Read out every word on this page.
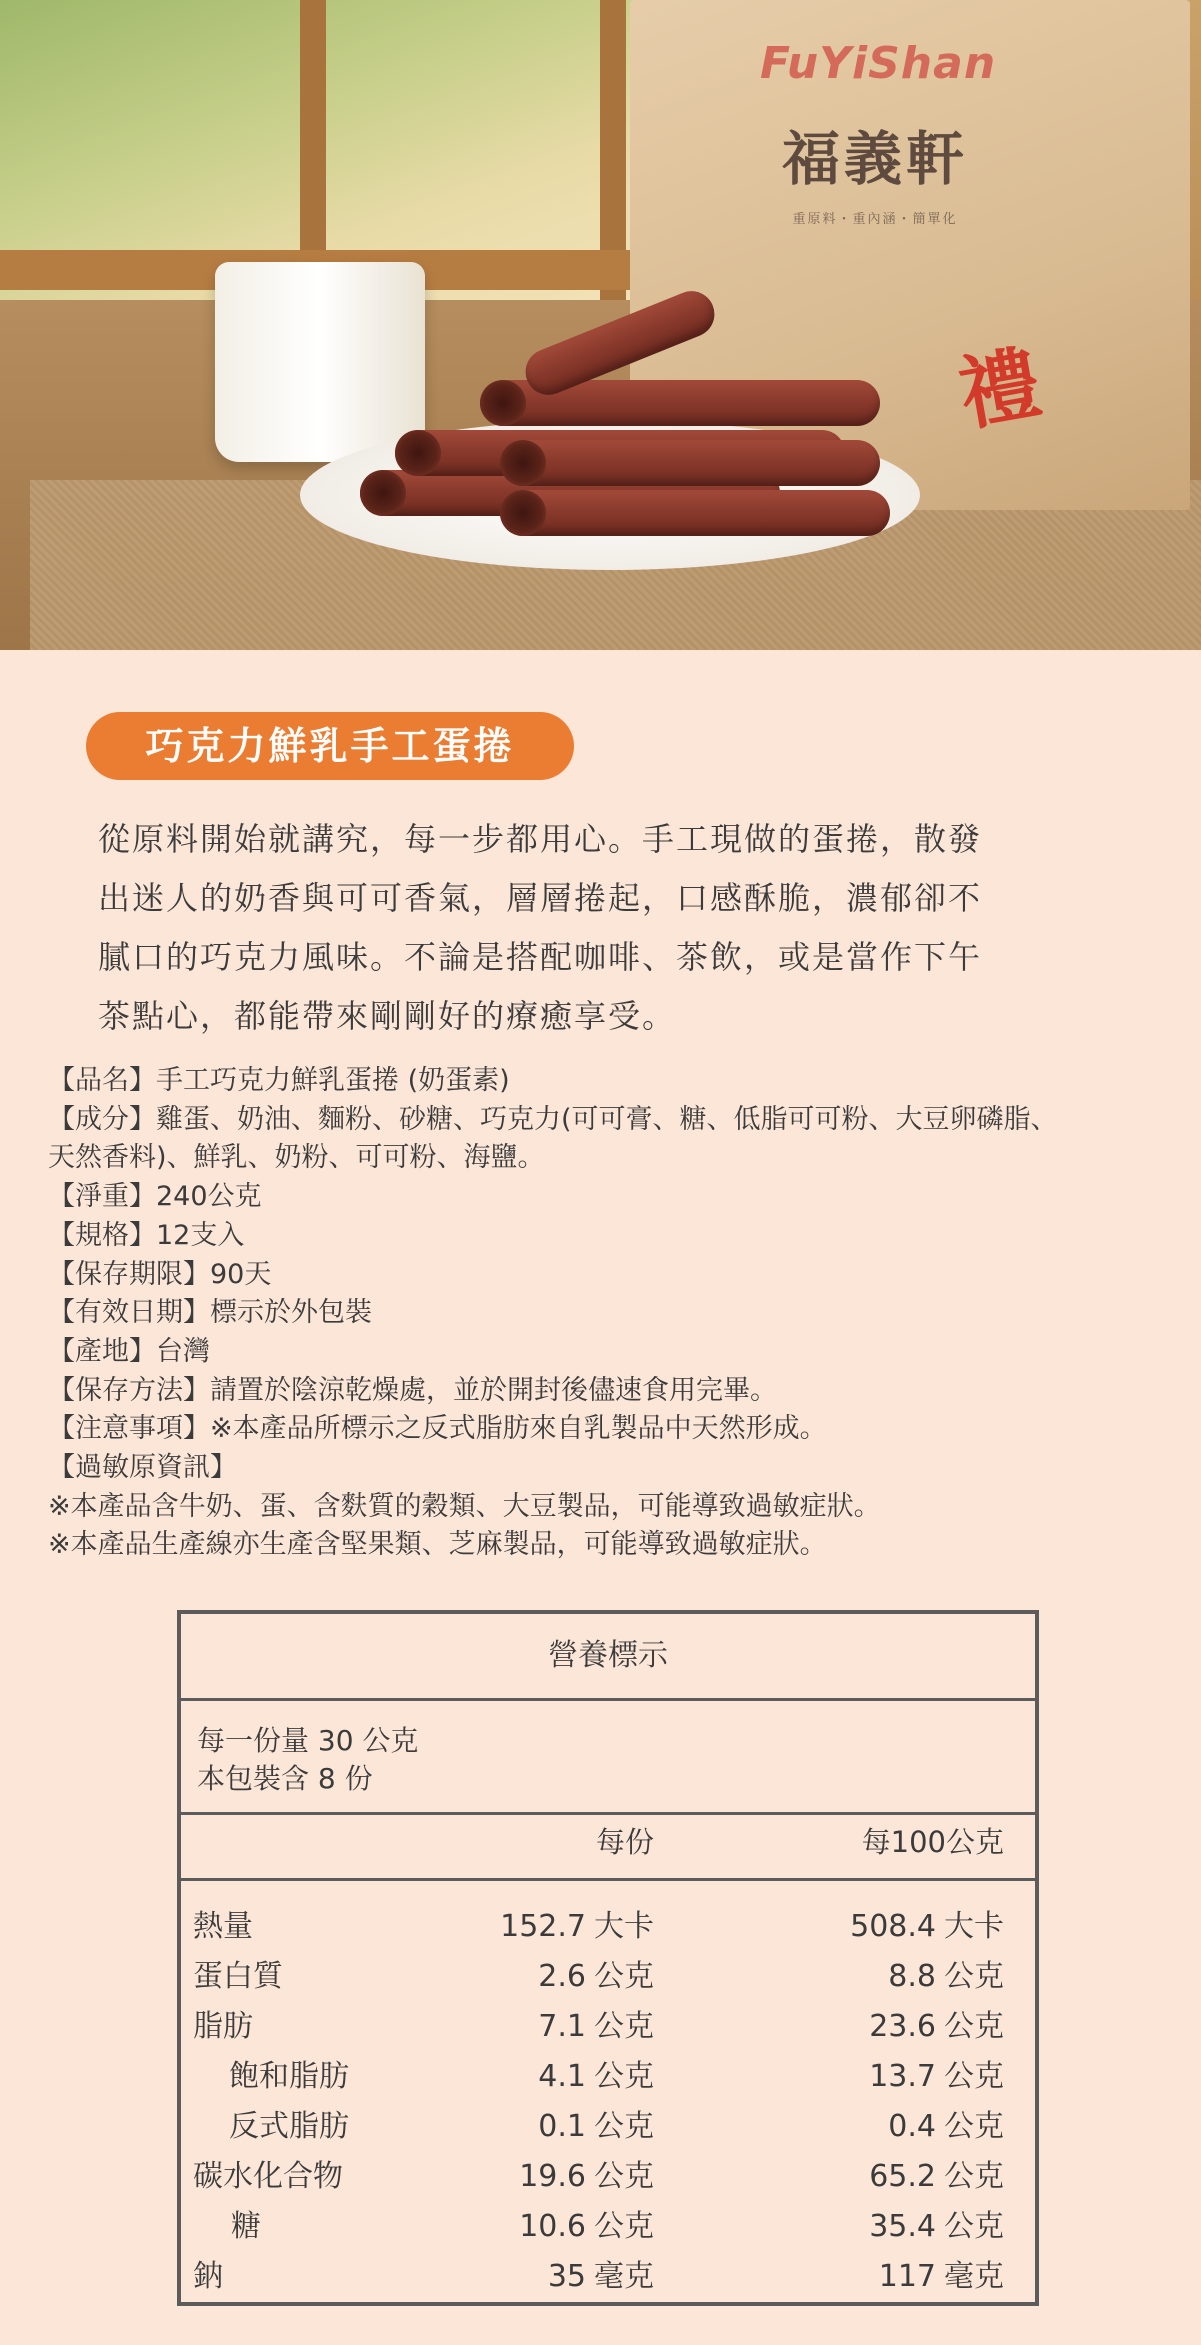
FuYiShan
福義軒
重原料・重內涵・簡單化
禮
巧克力鮮乳手工蛋捲
從原料開始就講究，每一步都用心。手工現做的蛋捲，散發
出迷人的奶香與可可香氣，層層捲起，口感酥脆，濃郁卻不
膩口的巧克力風味。不論是搭配咖啡、茶飲，或是當作下午
茶點心，都能帶來剛剛好的療癒享受。
【品名】手工巧克力鮮乳蛋捲 (奶蛋素)
【成分】雞蛋、奶油、麵粉、砂糖、巧克力(可可膏、糖、低脂可可粉、大豆卵磷脂、
天然香料)、鮮乳、奶粉、可可粉、海鹽。
【淨重】240公克
【規格】12支入
【保存期限】90天
【有效日期】標示於外包裝
【產地】台灣
【保存方法】請置於陰涼乾燥處，並於開封後儘速食用完畢。
【注意事項】※本產品所標示之反式脂肪來自乳製品中天然形成。
【過敏原資訊】
※本產品含牛奶、蛋、含麩質的穀類、大豆製品，可能導致過敏症狀。
※本產品生產線亦生產含堅果類、芝麻製品，可能導致過敏症狀。
營養標示
每一份量 30 公克
本包裝含 8 份
每份	每100公克
熱量	152.7 大卡	508.4 大卡
蛋白質	2.6 公克	8.8 公克
脂肪	7.1 公克	23.6 公克
飽和脂肪	4.1 公克	13.7 公克
反式脂肪	0.1 公克	0.4 公克
碳水化合物	19.6 公克	65.2 公克
糖	10.6 公克	35.4 公克
鈉	35 毫克	117 毫克
